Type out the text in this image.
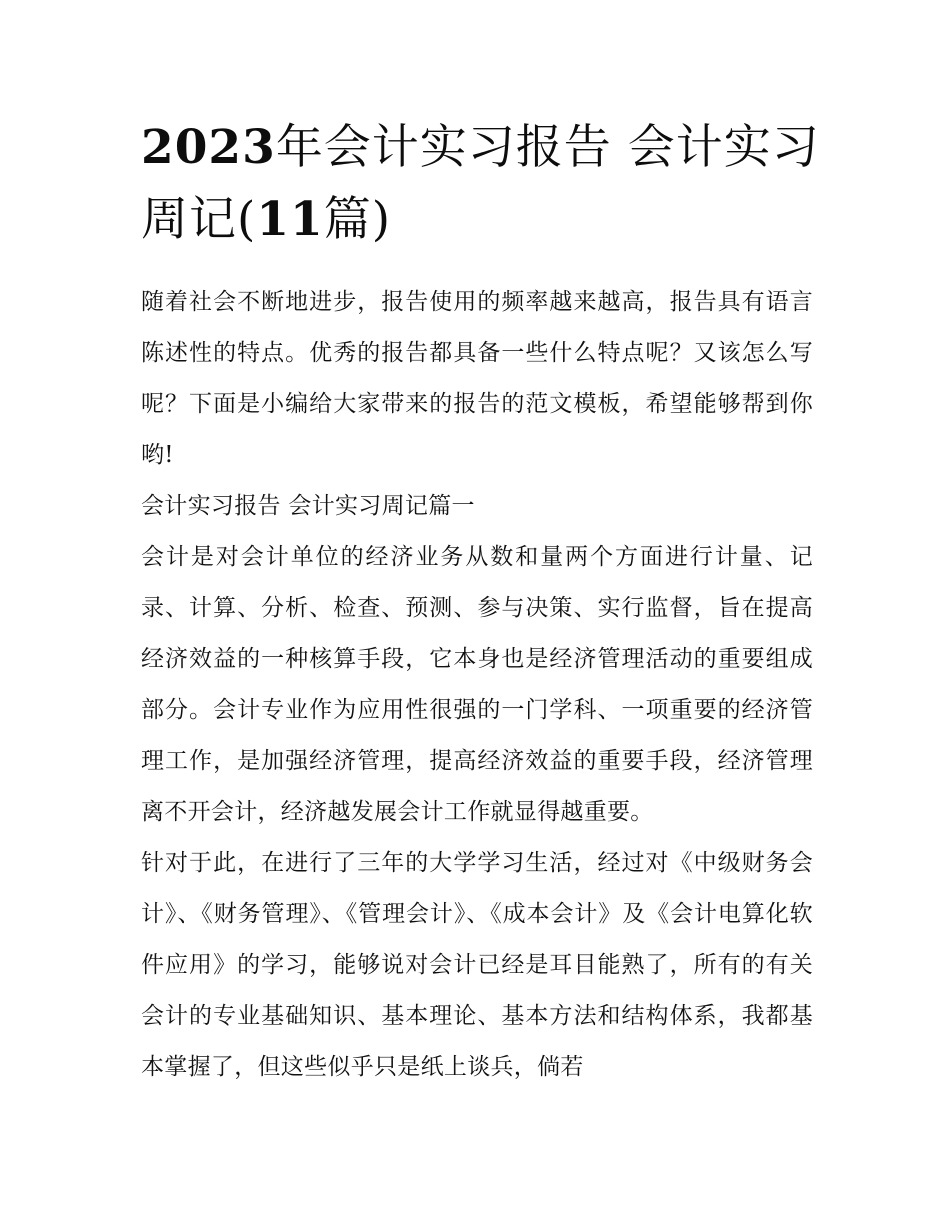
2023年会计实习报告 会计实习周记(11篇)

随着社会不断地进步，报告使用的频率越来越高，报告具有语言陈述性的特点。优秀的报告都具备一些什么特点呢？又该怎么写呢？下面是小编给大家带来的报告的范文模板，希望能够帮到你哟!

会计实习报告 会计实习周记篇一

会计是对会计单位的经济业务从数和量两个方面进行计量、记录、计算、分析、检查、预测、参与决策、实行监督，旨在提高经济效益的一种核算手段，它本身也是经济管理活动的重要组成部分。会计专业作为应用性很强的一门学科、一项重要的经济管理工作，是加强经济管理，提高经济效益的重要手段，经济管理离不开会计，经济越发展会计工作就显得越重要。

针对于此，在进行了三年的大学学习生活，经过对《中级财务会计》、《财务管理》、《管理会计》、《成本会计》及《会计电算化软件应用》的学习，能够说对会计已经是耳目能熟了，所有的有关会计的专业基础知识、基本理论、基本方法和结构体系，我都基本掌握了，但这些似乎只是纸上谈兵，倘若
